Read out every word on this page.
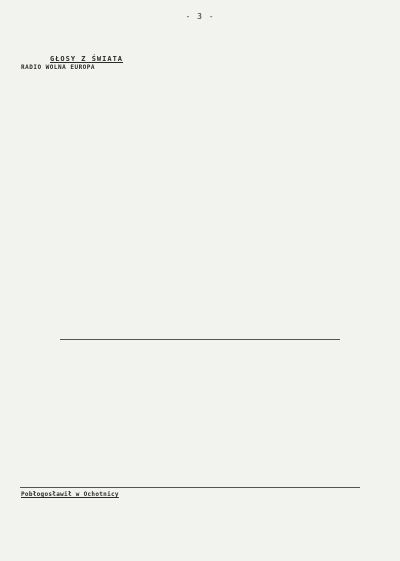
- 3 -
GŁOSY Z ŚWIATA
RADIO WOLNA EUROPA
Pobłogosławił w Ochotnicy
